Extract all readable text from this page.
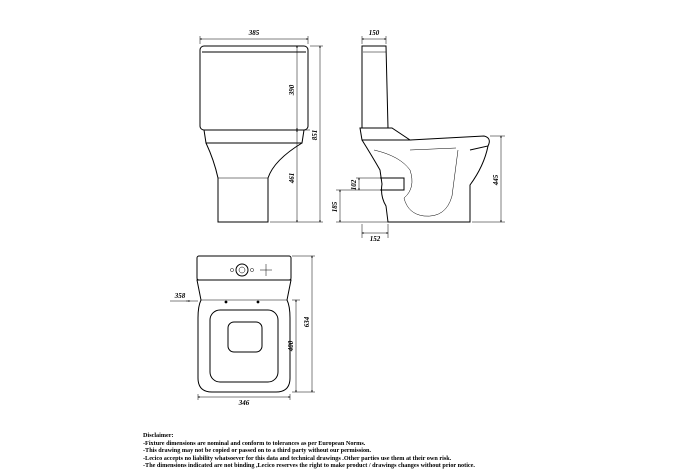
385
390
461
851
150
102
185
152
445
358
346
400
634
Disclaimer:
-Fixture dimensions are nominal and conform to tolerances as per European Norms.
-This drawing may not be copied or passed on to a third party without our permission.
-Lecico accepts no liability whatsoever for this data and technical drawings .Other parties use them at their own risk.
-The dimensions indicated are not binding ,Lecico reserves the right to make product / drawings changes without prior notice.
